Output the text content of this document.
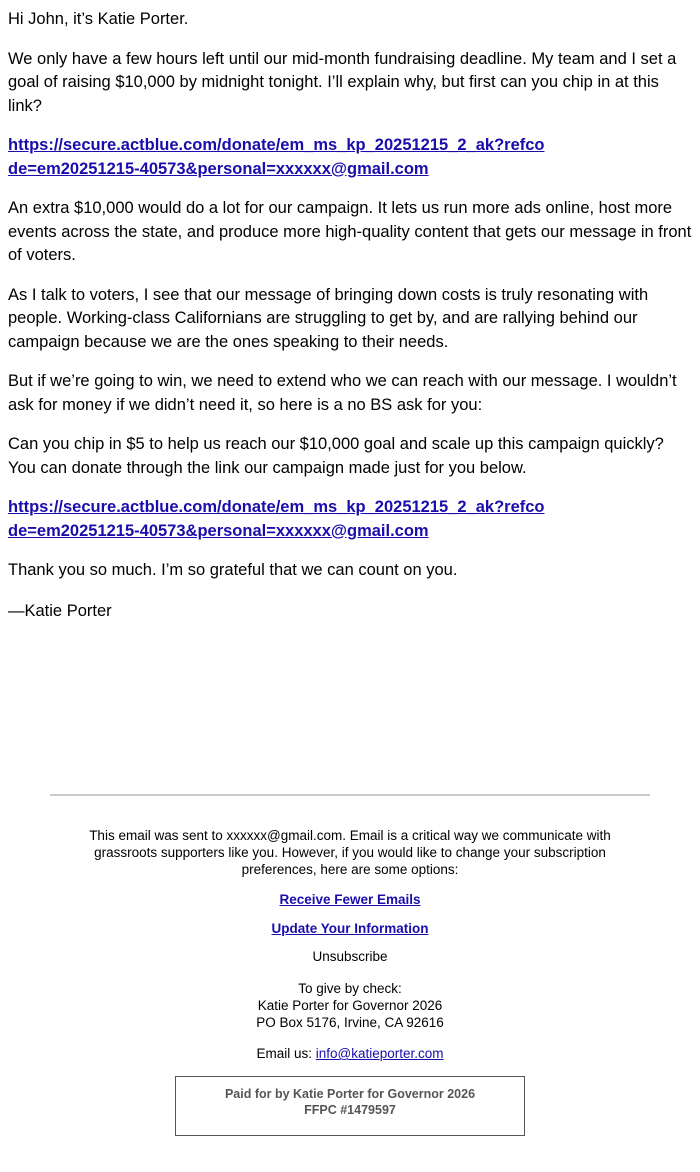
Hi John, it’s Katie Porter.

We only have a few hours left until our mid-month fundraising deadline. My team and I set a goal of raising $10,000 by midnight tonight. I’ll explain why, but first can you chip in at this link?

https://secure.actblue.com/donate/em_ms_kp_20251215_2_ak?refcode=em20251215-40573&personal=xxxxxx@gmail.com

An extra $10,000 would do a lot for our campaign. It lets us run more ads online, host more events across the state, and produce more high-quality content that gets our message in front of voters.

As I talk to voters, I see that our message of bringing down costs is truly resonating with people. Working-class Californians are struggling to get by, and are rallying behind our campaign because we are the ones speaking to their needs.

But if we’re going to win, we need to extend who we can reach with our message. I wouldn’t ask for money if we didn’t need it, so here is a no BS ask for you:

Can you chip in $5 to help us reach our $10,000 goal and scale up this campaign quickly? You can donate through the link our campaign made just for you below.

https://secure.actblue.com/donate/em_ms_kp_20251215_2_ak?refcode=em20251215-40573&personal=xxxxxx@gmail.com

Thank you so much. I’m so grateful that we can count on you.

—Katie Porter

This email was sent to xxxxxx@gmail.com. Email is a critical way we communicate with grassroots supporters like you. However, if you would like to change your subscription preferences, here are some options:

Receive Fewer Emails

Update Your Information

Unsubscribe

To give by check:

Katie Porter for Governor 2026

PO Box 5176, Irvine, CA 92616

Email us: info@katieporter.com

Paid for by Katie Porter for Governor 2026
FFPC #1479597
